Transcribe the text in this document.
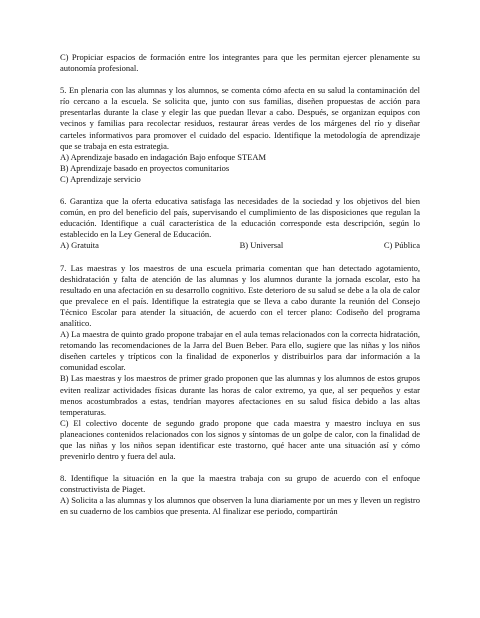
C) Propiciar espacios de formación entre los integrantes para que les permitan ejercer plenamente su autonomía profesional.

5. En plenaria con las alumnas y los alumnos, se comenta cómo afecta en su salud la contaminación del río cercano a la escuela. Se solicita que, junto con sus familias, diseñen propuestas de acción para presentarlas durante la clase y elegir las que puedan llevar a cabo. Después, se organizan equipos con vecinos y familias para recolectar residuos, restaurar áreas verdes de los márgenes del río y diseñar carteles informativos para promover el cuidado del espacio. Identifique la metodología de aprendizaje que se trabaja en esta estrategia.

A) Aprendizaje basado en indagación Bajo enfoque STEAM

B) Aprendizaje basado en proyectos comunitarios

C) Aprendizaje servicio

6. Garantiza que la oferta educativa satisfaga las necesidades de la sociedad y los objetivos del bien común, en pro del beneficio del país, supervisando el cumplimiento de las disposiciones que regulan la educación. Identifique a cuál característica de la educación corresponde esta descripción, según lo establecido en la Ley General de Educación.

A) Gratuita	B) Universal	C) Pública

7. Las maestras y los maestros de una escuela primaria comentan que han detectado agotamiento, deshidratación y falta de atención de las alumnas y los alumnos durante la jornada escolar, esto ha resultado en una afectación en su desarrollo cognitivo. Este deterioro de su salud se debe a la ola de calor que prevalece en el país. Identifique la estrategia que se lleva a cabo durante la reunión del Consejo Técnico Escolar para atender la situación, de acuerdo con el tercer plano: Codiseño del programa analítico.

A) La maestra de quinto grado propone trabajar en el aula temas relacionados con la correcta hidratación, retomando las recomendaciones de la Jarra del Buen Beber. Para ello, sugiere que las niñas y los niños diseñen carteles y trípticos con la finalidad de exponerlos y distribuirlos para dar información a la comunidad escolar.

B) Las maestras y los maestros de primer grado proponen que las alumnas y los alumnos de estos grupos eviten realizar actividades físicas durante las horas de calor extremo, ya que, al ser pequeños y estar menos acostumbrados a estas, tendrían mayores afectaciones en su salud física debido a las altas temperaturas.

C) El colectivo docente de segundo grado propone que cada maestra y maestro incluya en sus planeaciones contenidos relacionados con los signos y síntomas de un golpe de calor, con la finalidad de que las niñas y los niños sepan identificar este trastorno, qué hacer ante una situación así y cómo prevenirlo dentro y fuera del aula.

8. Identifique la situación en la que la maestra trabaja con su grupo de acuerdo con el enfoque constructivista de Piaget.

A) Solicita a las alumnas y los alumnos que observen la luna diariamente por un mes y lleven un registro en su cuaderno de los cambios que presenta. Al finalizar ese periodo, compartirán
